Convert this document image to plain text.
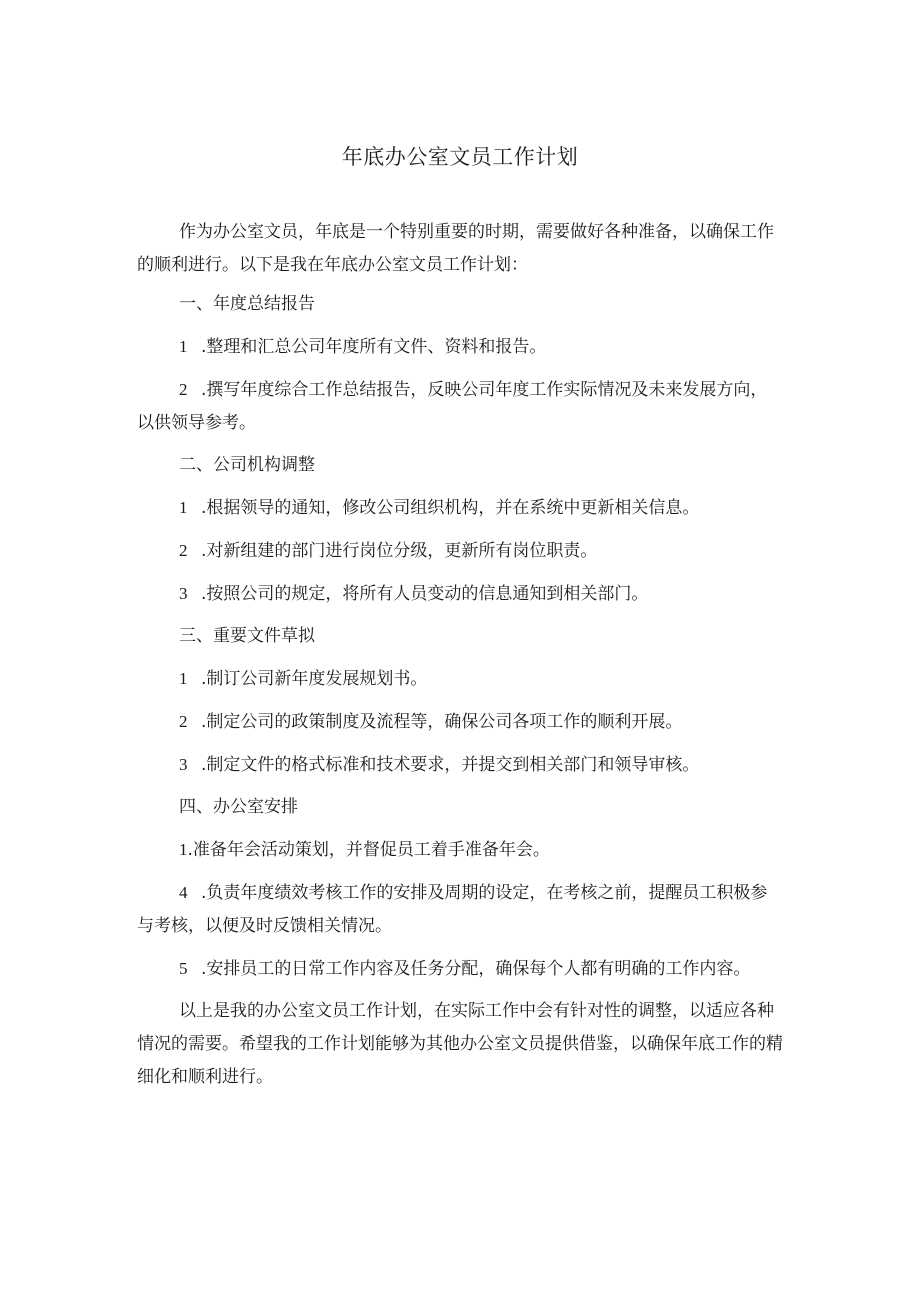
年底办公室文员工作计划

作为办公室文员，年底是一个特别重要的时期，需要做好各种准备，以确保工作的顺利进行。以下是我在年底办公室文员工作计划：

一、年度总结报告

1 .整理和汇总公司年度所有文件、资料和报告。

2 .撰写年度综合工作总结报告，反映公司年度工作实际情况及未来发展方向，以供领导参考。

二、公司机构调整

1 .根据领导的通知，修改公司组织机构，并在系统中更新相关信息。

2 .对新组建的部门进行岗位分级，更新所有岗位职责。

3 .按照公司的规定，将所有人员变动的信息通知到相关部门。

三、重要文件草拟

1 .制订公司新年度发展规划书。

2 .制定公司的政策制度及流程等，确保公司各项工作的顺利开展。

3 .制定文件的格式标准和技术要求，并提交到相关部门和领导审核。

四、办公室安排

1.准备年会活动策划，并督促员工着手准备年会。

4 .负责年度绩效考核工作的安排及周期的设定，在考核之前，提醒员工积极参与考核，以便及时反馈相关情况。

5 .安排员工的日常工作内容及任务分配，确保每个人都有明确的工作内容。

以上是我的办公室文员工作计划，在实际工作中会有针对性的调整，以适应各种情况的需要。希望我的工作计划能够为其他办公室文员提供借鉴，以确保年底工作的精细化和顺利进行。
